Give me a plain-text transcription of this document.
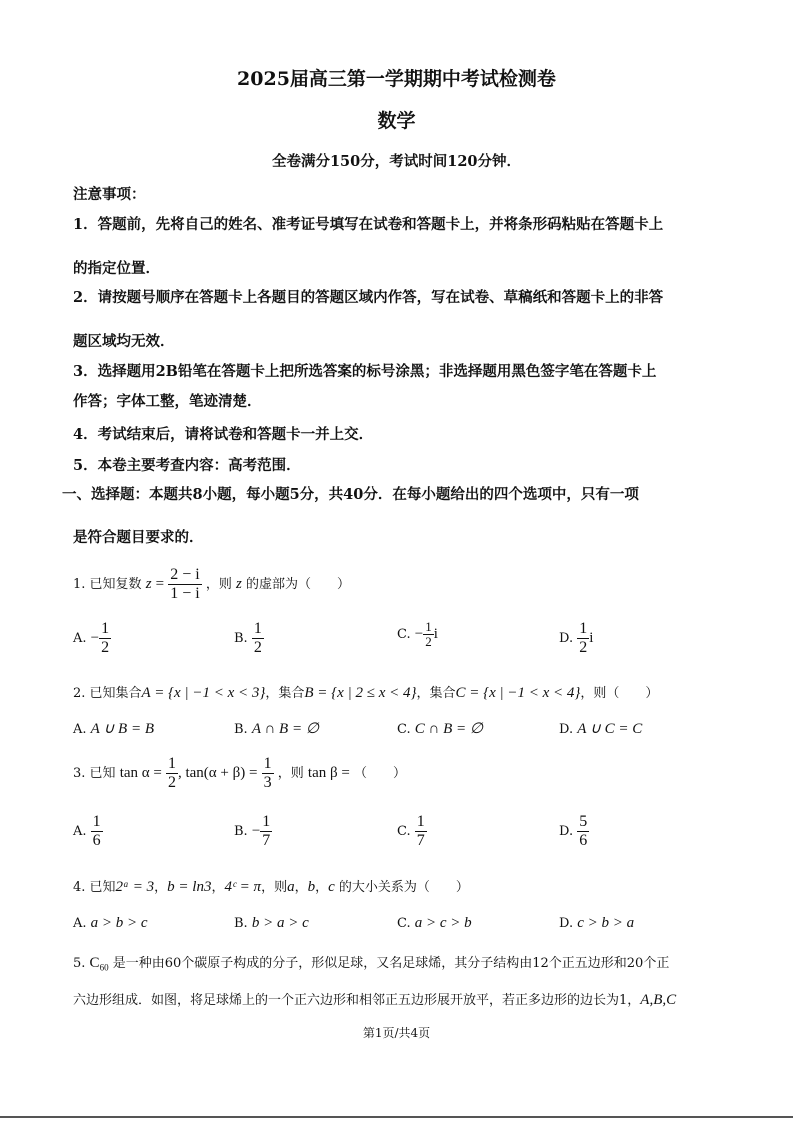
2025届高三第一学期期中考试检测卷
数学
全卷满分150分，考试时间120分钟．
注意事项：
1．答题前，先将自己的姓名、准考证号填写在试卷和答题卡上，并将条形码粘贴在答题卡上
的指定位置．
2．请按题号顺序在答题卡上各题目的答题区域内作答，写在试卷、草稿纸和答题卡上的非答
题区域均无效．
3．选择题用2B铅笔在答题卡上把所选答案的标号涂黑；非选择题用黑色签字笔在答题卡上
作答；字体工整，笔迹清楚．
4．考试结束后，请将试卷和答题卡一并上交．
5．本卷主要考查内容：高考范围．
一、选择题：本题共8小题，每小题5分，共40分．在每小题给出的四个选项中，只有一项
是符合题目要求的．
1. 已知复数 $z = \frac{2 - i}{1 - i}$ ，则 z 的虚部为（　　）
A. − $\frac{1}{2}$	B. $\frac{1}{2}$	C. − $\frac{1}{2}$ i	D. $\frac{1}{2}$ i
2. 已知集合A = {x | −1 < x < 3}，集合B = {x | 2 ≤ x < 4}，集合C = {x | −1 < x < 4}，则（　　）
A. A ∪ B = B	B. A ∩ B = ∅	C. C ∩ B = ∅	D. A ∪ C = C
3. 已知 $\tan \alpha = \frac{1}{2}$ , $\tan(\alpha + \beta) = \frac{1}{3}$ ，则 tan β = （　　）
A. $\frac{1}{6}$	B. − $\frac{1}{7}$	C. $\frac{1}{7}$	D. $\frac{5}{6}$
4. 已知2ᵃ = 3，b = ln3，4ᶜ = π，则a，b，c 的大小关系为（　　）
A. a > b > c	B. b > a > c	C. a > c > b	D. c > b > a
5. $C_{60}$ 是一种由60个碳原子构成的分子，形似足球，又名足球烯，其分子结构由12个正五边形和20个正
六边形组成．如图，将足球烯上的一个正六边形和相邻正五边形展开放平，若正多边形的边长为1，A,B,C
第1页/共4页
